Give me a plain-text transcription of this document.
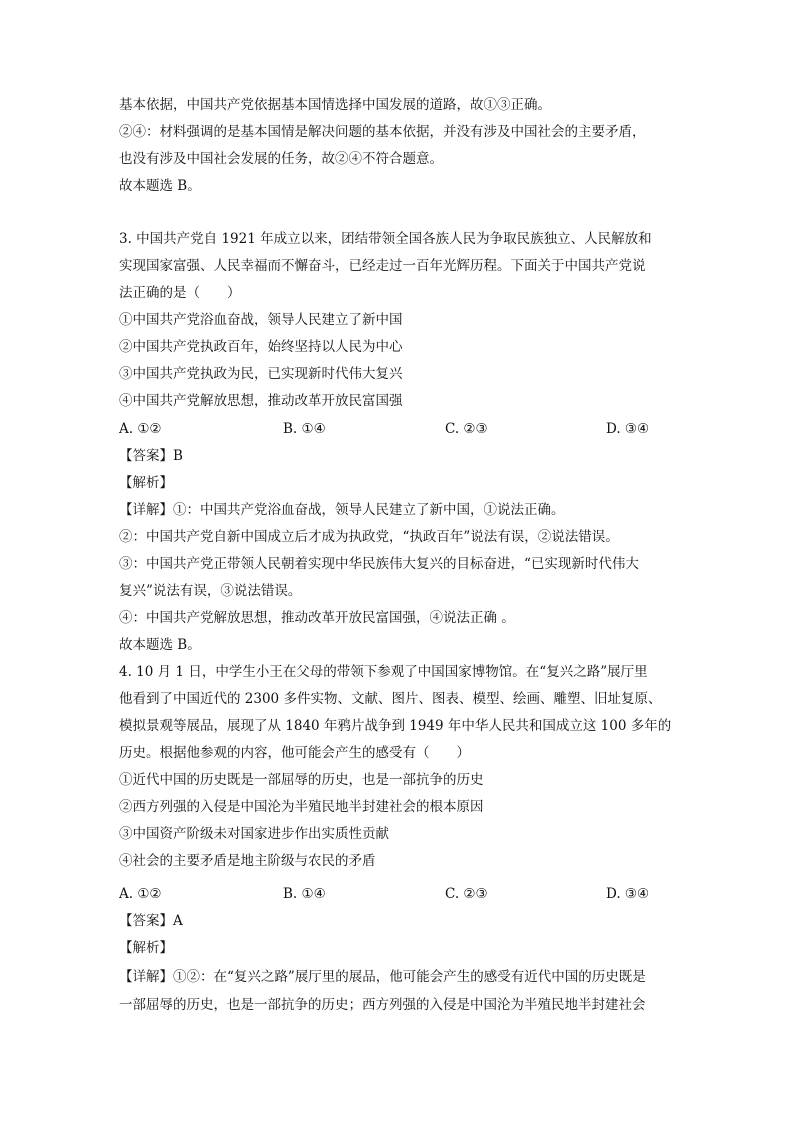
基本依据，中国共产党依据基本国情选择中国发展的道路，故①③正确。
②④：材料强调的是基本国情是解决问题的基本依据，并没有涉及中国社会的主要矛盾，
也没有涉及中国社会发展的任务，故②④不符合题意。
故本题选 B。
3. 中国共产党自 1921 年成立以来，团结带领全国各族人民为争取民族独立、人民解放和
实现国家富强、人民幸福而不懈奋斗，已经走过一百年光辉历程。下面关于中国共产党说
法正确的是（　　）
①中国共产党浴血奋战，领导人民建立了新中国
②中国共产党执政百年，始终坚持以人民为中心
③中国共产党执政为民，已实现新时代伟大复兴
④中国共产党解放思想，推动改革开放民富国强
A. ①②	B. ①④	C. ②③	D. ③④
【答案】B
【解析】
【详解】①：中国共产党浴血奋战，领导人民建立了新中国，①说法正确。
②：中国共产党自新中国成立后才成为执政党，“执政百年”说法有误，②说法错误。
③：中国共产党正带领人民朝着实现中华民族伟大复兴的目标奋进，“已实现新时代伟大
复兴”说法有误，③说法错误。
④：中国共产党解放思想，推动改革开放民富国强，④说法正确 。
故本题选 B。
4. 10 月 1 日，中学生小王在父母的带领下参观了中国国家博物馆。在“复兴之路”展厅里
他看到了中国近代的 2300 多件实物、文献、图片、图表、模型、绘画、雕塑、旧址复原、
模拟景观等展品，展现了从 1840 年鸦片战争到 1949 年中华人民共和国成立这 100 多年的
历史。根据他参观的内容，他可能会产生的感受有（　　）
①近代中国的历史既是一部屈辱的历史，也是一部抗争的历史
②西方列强的入侵是中国沦为半殖民地半封建社会的根本原因
③中国资产阶级未对国家进步作出实质性贡献
④社会的主要矛盾是地主阶级与农民的矛盾
A. ①②	B. ①④	C. ②③	D. ③④
【答案】A
【解析】
【详解】①②：在“复兴之路”展厅里的展品，他可能会产生的感受有近代中国的历史既是
一部屈辱的历史，也是一部抗争的历史；西方列强的入侵是中国沦为半殖民地半封建社会
